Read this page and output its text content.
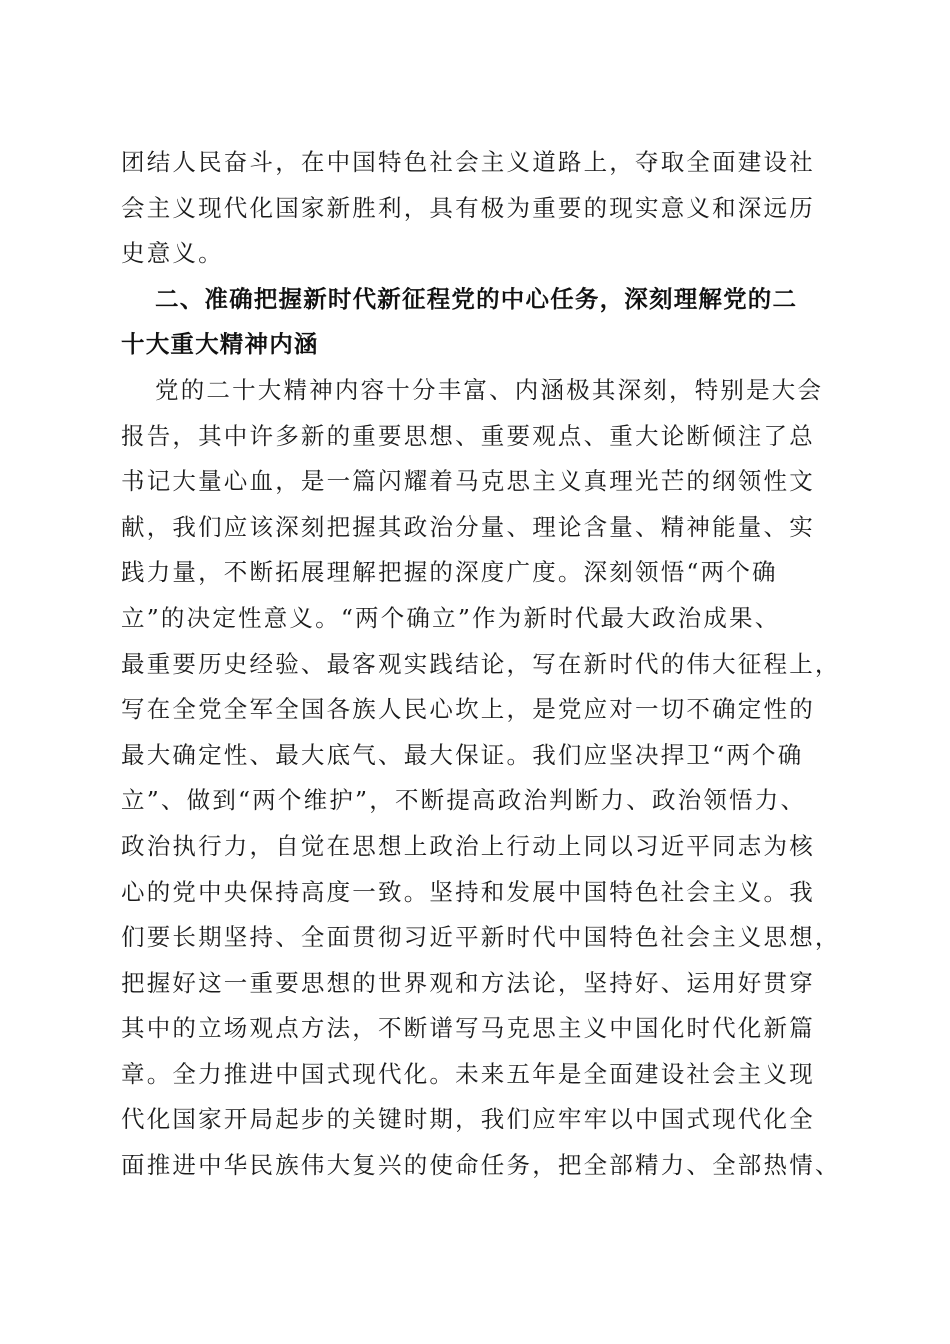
团结人民奋斗，在中国特色社会主义道路上，夺取全面建设社
会主义现代化国家新胜利，具有极为重要的现实意义和深远历
史意义。
二、准确把握新时代新征程党的中心任务，深刻理解党的二
十大重大精神内涵
党的二十大精神内容十分丰富、内涵极其深刻，特别是大会
报告，其中许多新的重要思想、重要观点、重大论断倾注了总
书记大量心血，是一篇闪耀着马克思主义真理光芒的纲领性文
献，我们应该深刻把握其政治分量、理论含量、精神能量、实
践力量，不断拓展理解把握的深度广度。深刻领悟“两个确
立”的决定性意义。“两个确立”作为新时代最大政治成果、
最重要历史经验、最客观实践结论，写在新时代的伟大征程上，
写在全党全军全国各族人民心坎上，是党应对一切不确定性的
最大确定性、最大底气、最大保证。我们应坚决捍卫“两个确
立”、做到“两个维护”，不断提高政治判断力、政治领悟力、
政治执行力，自觉在思想上政治上行动上同以习近平同志为核
心的党中央保持高度一致。坚持和发展中国特色社会主义。我
们要长期坚持、全面贯彻习近平新时代中国特色社会主义思想，
把握好这一重要思想的世界观和方法论，坚持好、运用好贯穿
其中的立场观点方法，不断谱写马克思主义中国化时代化新篇
章。全力推进中国式现代化。未来五年是全面建设社会主义现
代化国家开局起步的关键时期，我们应牢牢以中国式现代化全
面推进中华民族伟大复兴的使命任务，把全部精力、全部热情、
